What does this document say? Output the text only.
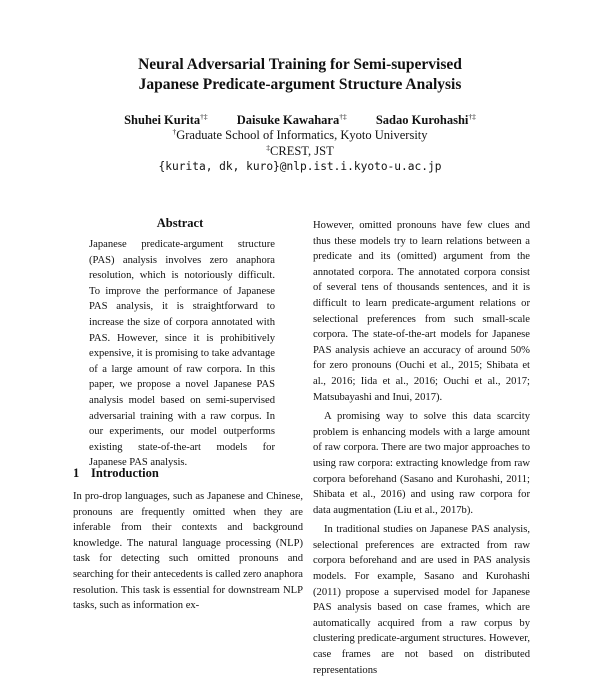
Neural Adversarial Training for Semi-supervised
Japanese Predicate-argument Structure Analysis
Shuhei Kurita†‡ Daisuke Kawahara†‡ Sadao Kurohashi†‡
†Graduate School of Informatics, Kyoto University
‡CREST, JST
{kurita, dk, kuro}@nlp.ist.i.kyoto-u.ac.jp
Abstract
Japanese predicate-argument structure (PAS) analysis involves zero anaphora resolution, which is notoriously difficult. To improve the performance of Japanese PAS analysis, it is straightforward to increase the size of corpora annotated with PAS. However, since it is prohibitively expensive, it is promising to take advantage of a large amount of raw corpora. In this paper, we propose a novel Japanese PAS analysis model based on semi-supervised adversarial training with a raw corpus. In our experiments, our model outperforms existing state-of-the-art models for Japanese PAS analysis.
1 Introduction

In pro-drop languages, such as Japanese and Chinese, pronouns are frequently omitted when they are inferable from their contexts and background knowledge. The natural language processing (NLP) task for detecting such omitted pronouns and searching for their antecedents is called zero anaphora resolution. This task is essential for downstream NLP tasks, such as information ex-

However, omitted pronouns have few clues and thus these models try to learn relations between a predicate and its (omitted) argument from the annotated corpora. The annotated corpora consist of several tens of thousands sentences, and it is difficult to learn predicate-argument relations or selectional preferences from such small-scale corpora. The state-of-the-art models for Japanese PAS analysis achieve an accuracy of around 50% for zero pronouns (Ouchi et al., 2015; Shibata et al., 2016; Iida et al., 2016; Ouchi et al., 2017; Matsubayashi and Inui, 2017).

A promising way to solve this data scarcity problem is enhancing models with a large amount of raw corpora. There are two major approaches to using raw corpora: extracting knowledge from raw corpora beforehand (Sasano and Kurohashi, 2011; Shibata et al., 2016) and using raw corpora for data augmentation (Liu et al., 2017b).

In traditional studies on Japanese PAS analysis, selectional preferences are extracted from raw corpora beforehand and are used in PAS analysis models. For example, Sasano and Kurohashi (2011) propose a supervised model for Japanese PAS analysis based on case frames, which are automatically acquired from a raw corpus by clustering predicate-argument structures. However, case frames are not based on distributed representations
